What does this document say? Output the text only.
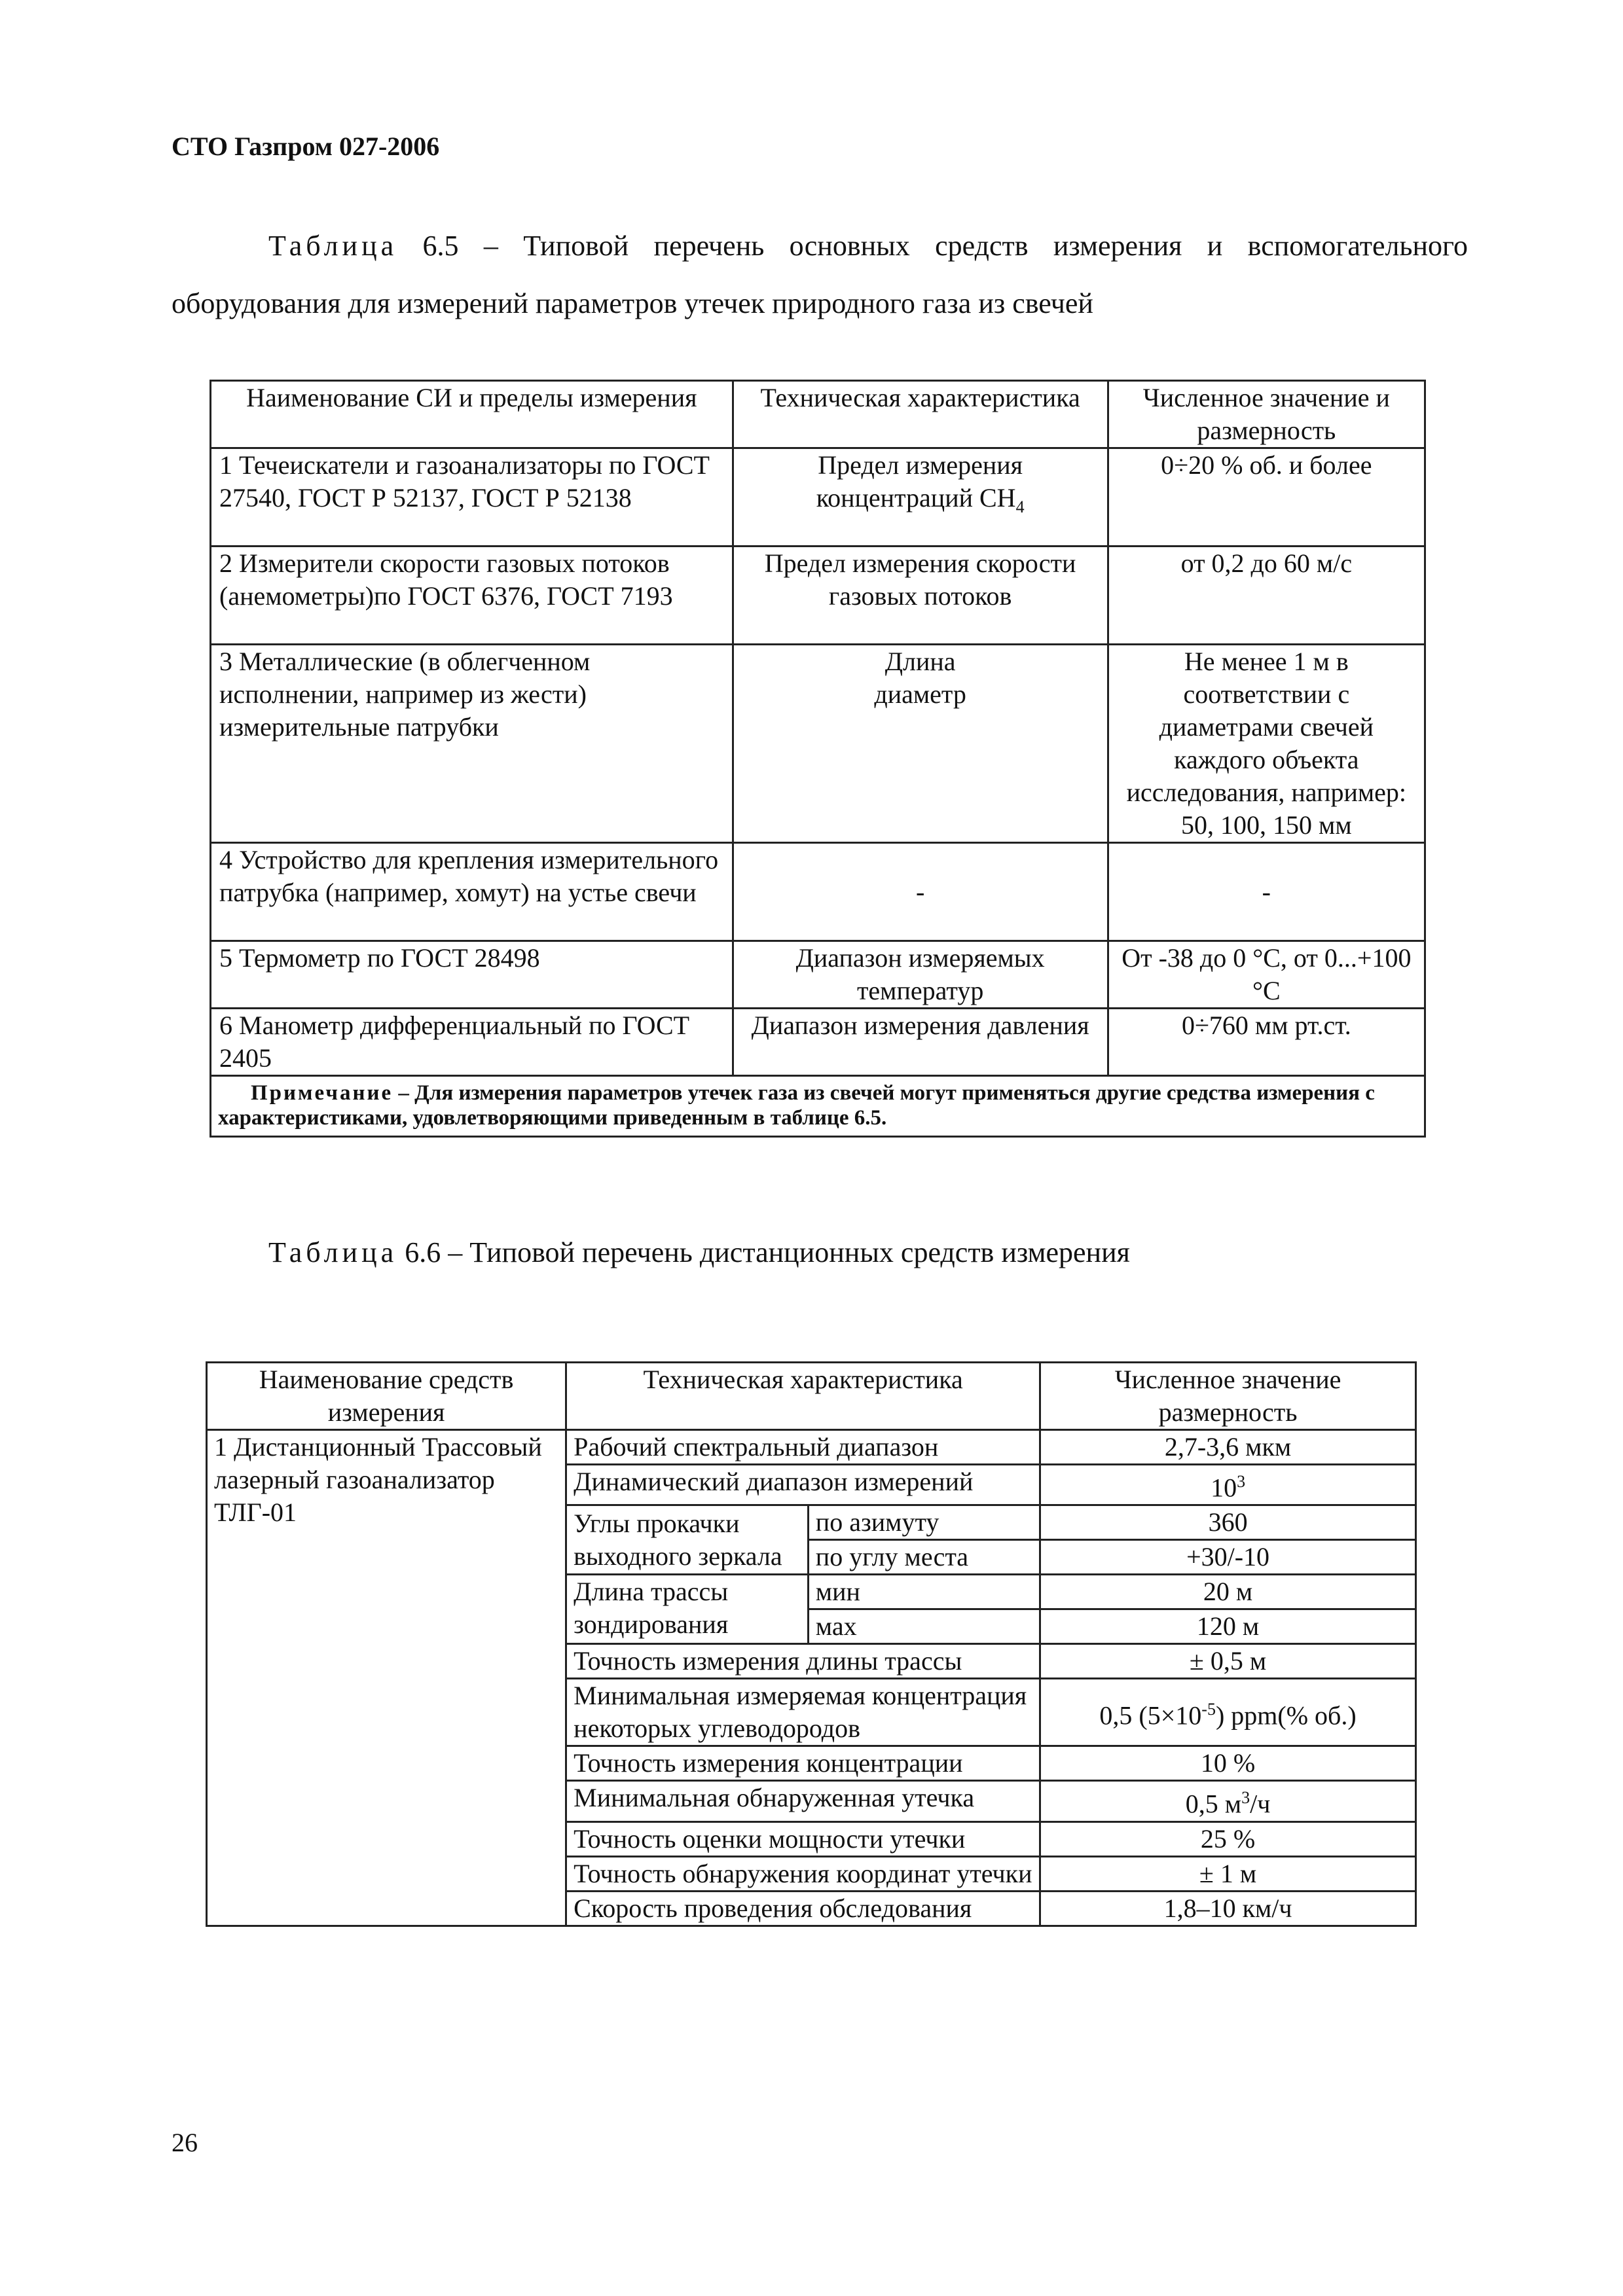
СТО Газпром 027-2006
Таблица 6.5 – Типовой перечень основных средств измерения и вспомогательного оборудования для измерений параметров утечек природного газа из свечей
Наименование СИ и пределы измерения	Техническая характеристика	Численное значение и размерность
1 Течеискатели и газоанализаторы по ГОСТ 27540, ГОСТ Р 52137, ГОСТ Р 52138	Предел измерения концентраций $CH_4$	0÷20 % об. и более
2 Измерители скорости газовых потоков (анемометры)по ГОСТ 6376, ГОСТ 7193	Предел измерения скорости газовых потоков	от 0,2 до 60 м/с
3 Металлические (в облегченном исполнении, например из жести) измерительные патрубки	Длина диаметр	Не менее 1 м в соответствии с диаметрами свечей каждого объекта исследования, например: 50, 100, 150 мм
4 Устройство для крепления измерительного патрубка (например, хомут) на устье свечи	-	-
5 Термометр по ГОСТ 28498	Диапазон измеряемых температур	От -38 до 0 °С, от 0...+100 °С
6 Манометр дифференциальный по ГОСТ 2405	Диапазон измерения давления	0÷760 мм рт.ст.
Примечание – Для измерения параметров утечек газа из свечей могут применяться другие средства измерения с характеристиками, удовлетворяющими приведенным в таблице 6.5.		
Таблица 6.6 – Типовой перечень дистанционных средств измерения
Наименование средств измерения	Техническая характеристика		Численное значение размерность
1 Дистанционный Трассовый лазерный газоанализатор ТЛГ-01	Рабочий спектральный диапазон		2,7-3,6 мкм
	Динамический диапазон измерений		$10^3$
	Углы прокачки выходного зеркала	по азимуту	360
		по углу места	+30/-10
	Длина трассы зондирования	мин	20 м
		мах	120 м
	Точность измерения длины трассы		± 0,5 м
	Минимальная измеряемая концентрация некоторых углеводородов		0,5 $(5\times 10^{-5})$ ppm(% об.)
	Точность измерения концентрации		10 %
	Минимальная обнаруженная утечка		0,5 $м^3/ч$
	Точность оценки мощности утечки		25 %
	Точность обнаружения координат утечки		± 1 м
	Скорость проведения обследования		1,8–10 км/ч
26
